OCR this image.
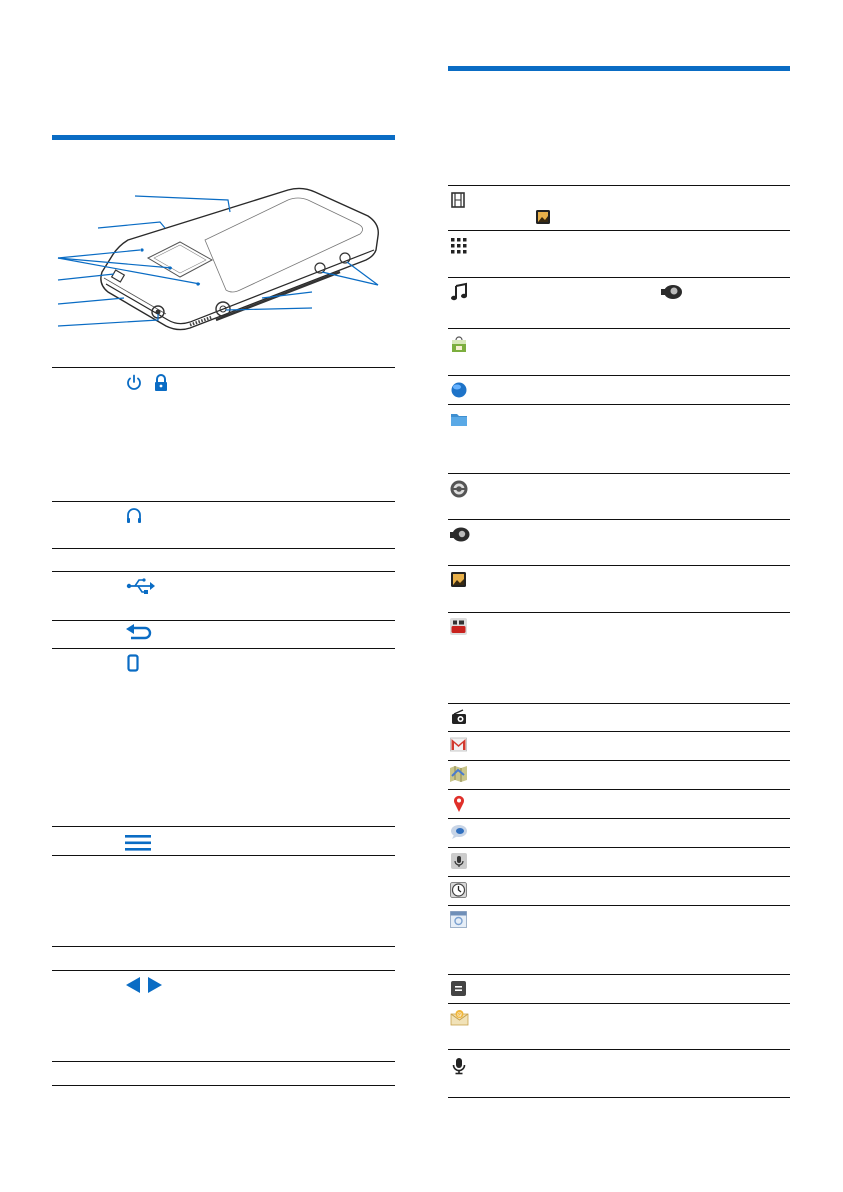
@
